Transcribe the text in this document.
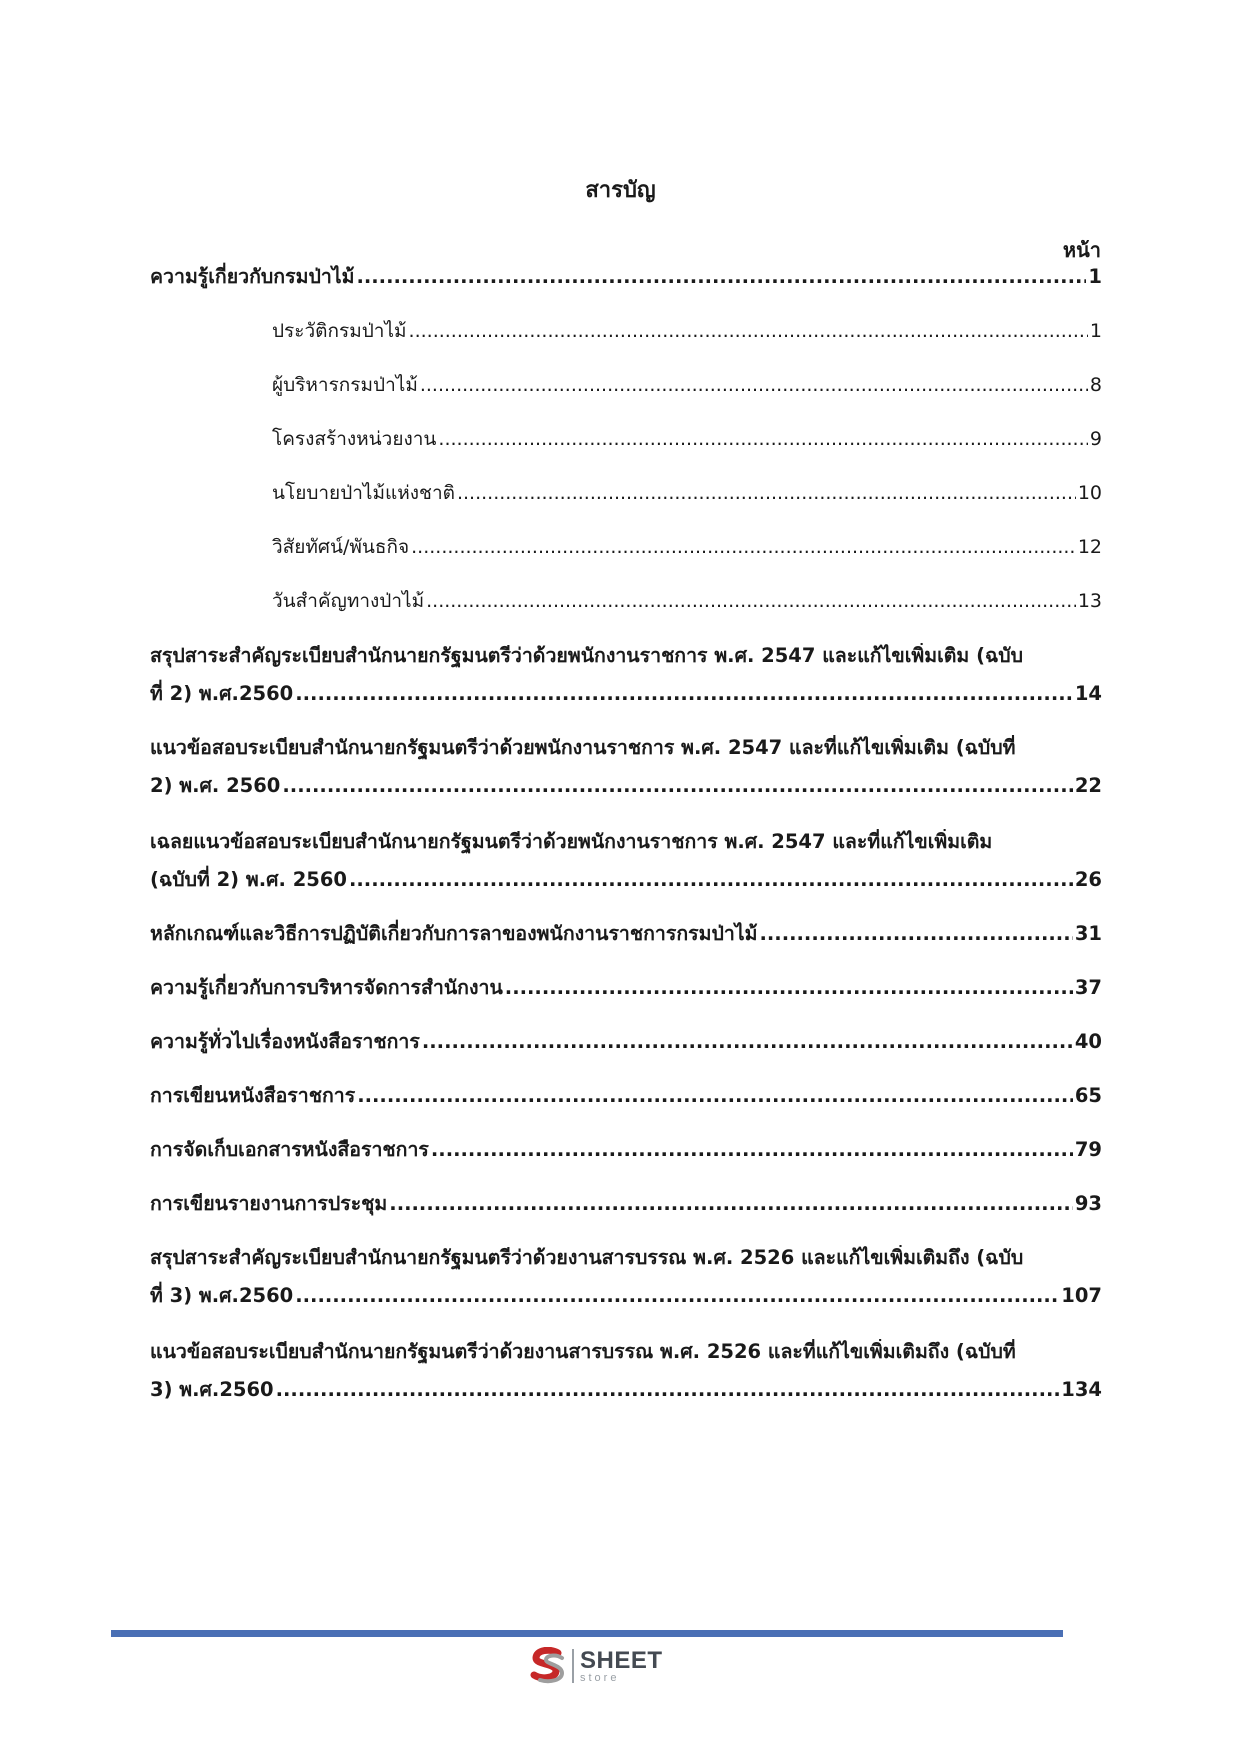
สารบัญ
หน้า
ความรู้เกี่ยวกับกรมป่าไม้ .....	1
ประวัติกรมป่าไม้ .....	1
ผู้บริหารกรมป่าไม้ .....	8
โครงสร้างหน่วยงาน .....	9
นโยบายป่าไม้แห่งชาติ .....	10
วิสัยทัศน์/พันธกิจ .....	12
วันสำคัญทางป่าไม้ .....	13
สรุปสาระสำคัญระเบียบสำนักนายกรัฐมนตรีว่าด้วยพนักงานราชการ พ.ศ. 2547 และแก้ไขเพิ่มเติม (ฉบับ
ที่ 2) พ.ศ.2560 .....	14
แนวข้อสอบระเบียบสำนักนายกรัฐมนตรีว่าด้วยพนักงานราชการ พ.ศ. 2547 และที่แก้ไขเพิ่มเติม (ฉบับที่
2) พ.ศ. 2560 .....	22
เฉลยแนวข้อสอบระเบียบสำนักนายกรัฐมนตรีว่าด้วยพนักงานราชการ พ.ศ. 2547 และที่แก้ไขเพิ่มเติม
(ฉบับที่ 2) พ.ศ. 2560 .....	26
หลักเกณฑ์และวิธีการปฏิบัติเกี่ยวกับการลาของพนักงานราชการกรมป่าไม้ .....	31
ความรู้เกี่ยวกับการบริหารจัดการสำนักงาน .....	37
ความรู้ทั่วไปเรื่องหนังสือราชการ .....	40
การเขียนหนังสือราชการ .....	65
การจัดเก็บเอกสารหนังสือราชการ .....	79
การเขียนรายงานการประชุม .....	93
สรุปสาระสำคัญระเบียบสำนักนายกรัฐมนตรีว่าด้วยงานสารบรรณ พ.ศ. 2526 และแก้ไขเพิ่มเติมถึง (ฉบับ
ที่ 3) พ.ศ.2560 .....	107
แนวข้อสอบระเบียบสำนักนายกรัฐมนตรีว่าด้วยงานสารบรรณ พ.ศ. 2526 และที่แก้ไขเพิ่มเติมถึง (ฉบับที่
3) พ.ศ.2560 .....	134
SHEET
store
